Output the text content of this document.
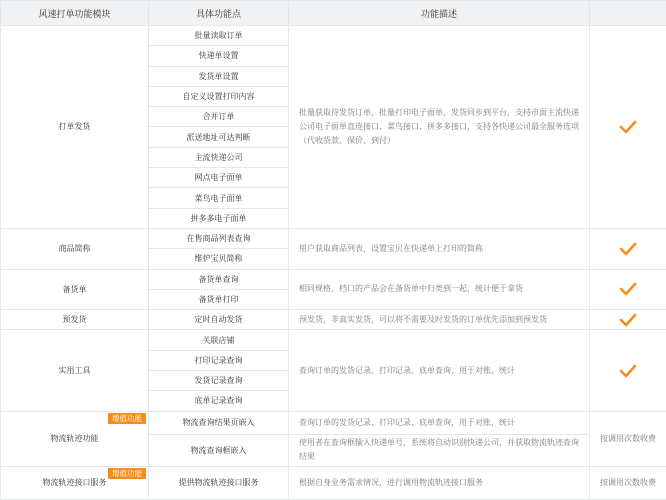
风速打单功能模块	具体功能点	功能描述	
打单发货	批量读取订单	批量获取待发货订单、批量打印电子面单、发货同步到平台，支持市面主流快递公司电子面单直连接口、菜鸟接口、拼多多接口，支持各快递公司最全服务选项（代收货款、保价、到付）	

	快递单设置		
	发货单设置		
	自定义设置打印内容		
	合并订单		
	派送地址可达判断		
	主流快递公司		
	网点电子面单		
	菜鸟电子面单		
	拼多多电子面单		
商品简称	在售商品列表查询	用户获取商品列表，设置宝贝在快递单上打印的简称	

	维护宝贝简称		
备货单	备货单查询	相同规格、档口的产品会在备货单中归类到一起，统计便于拿货	

	备货单打印		
预发货	定时自动发货	预发货，非真实发货，可以将不需要及时发货的订单优先添加到预发货	

实用工具	关联店铺	查询订单的发货记录、打印记录、底单查询，用于对账，统计	

	打印记录查询		
	发货记录查询		
	底单记录查询		

增值功能
物流轨迹功能	物流查询结果页嵌入	查询订单的发货记录、打印记录、底单查询，用于对账，统计	按调用次数收费
	物流查询框嵌入	使用者在查询框输入快递单号，系统将自动识别快递公司，并获取物流轨迹查询结果	

增值功能
物流轨迹接口服务	提供物流轨迹接口服务	根据自身业务需求情况，进行调用物流轨迹接口服务	按调用次数收费
